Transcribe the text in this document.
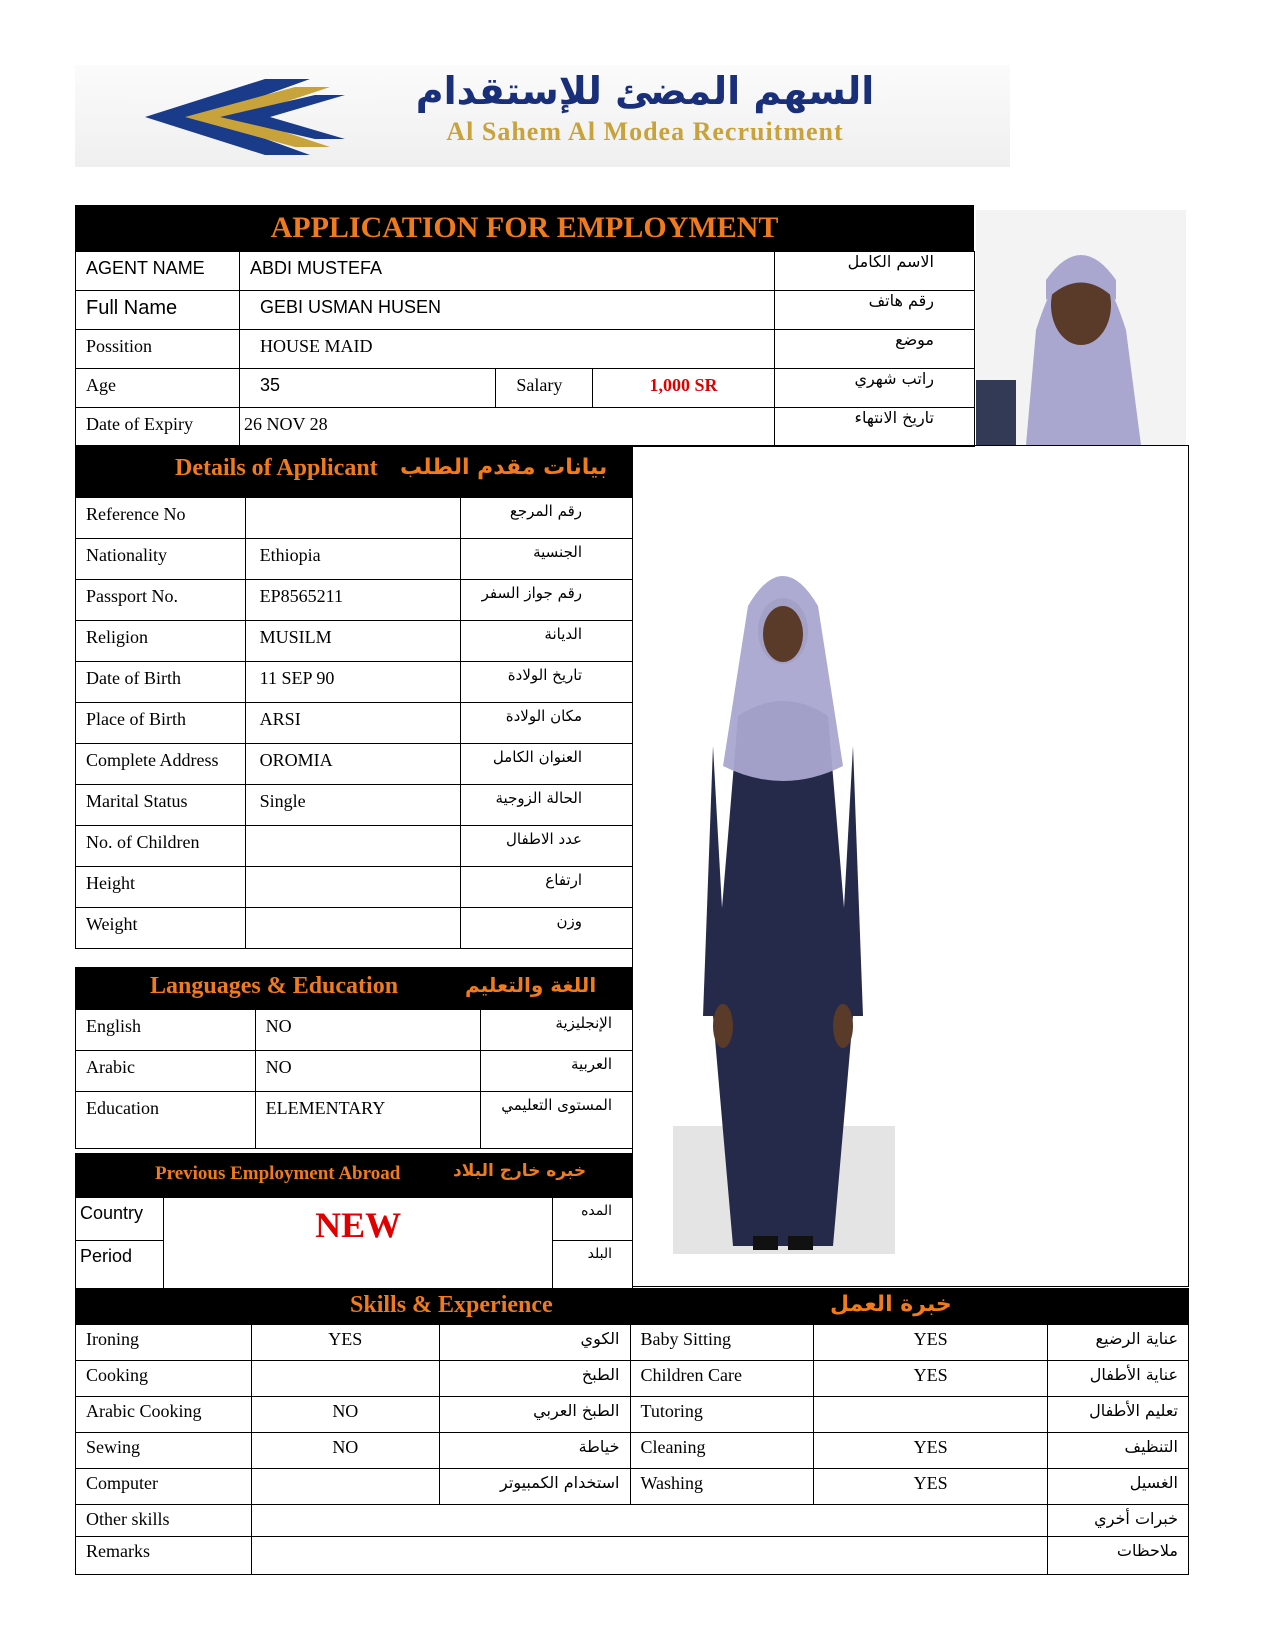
السهم المضئ للإستقدام
Al Sahem Al Modea Recruitment
APPLICATION FOR EMPLOYMENT
AGENT NAME	ABDI MUSTEFA			الاسم الكامل
Full Name	GEBI USMAN HUSEN			رقم هاتف
Possition	HOUSE MAID			موضع
Age	35	Salary	1,000 SR	راتب شهري
Date of Expiry	26 NOV 28			تاريخ الانتهاء
Details of Applicant بيانات مقدم الطلب
Reference No		رقم المرجع
Nationality	Ethiopia	الجنسية
Passport No.	EP8565211	رقم جواز السفر
Religion	MUSILM	الديانة
Date of Birth	11 SEP 90	تاريخ الولادة
Place of Birth	ARSI	مكان الولادة
Complete Address	OROMIA	العنوان الكامل
Marital Status	Single	الحالة الزوجية
No. of Children		عدد الاطفال
Height		ارتفاع
Weight		وزن
Languages & Education	اللغة والتعليم
English	NO	الإنجليزية
Arabic	NO	العربية
Education	ELEMENTARY	المستوى التعليمي
Previous Employment Abroad	خبره خارج البلاد
Country	NEW	المده
Period		البلد
Skills & Experience	خبرة العمل
Ironing	YES	الكوي	Baby Sitting	YES	عناية الرضيع
Cooking		الطبخ	Children Care	YES	عناية الأطفال
Arabic Cooking	NO	الطبخ العربي	Tutoring		تعليم الأطفال
Sewing	NO	خياطة	Cleaning	YES	التنظيف
Computer		استخدام الكمبيوتر	Washing	YES	الغسيل
Other skills					خبرات أخري
Remarks					ملاحظات
